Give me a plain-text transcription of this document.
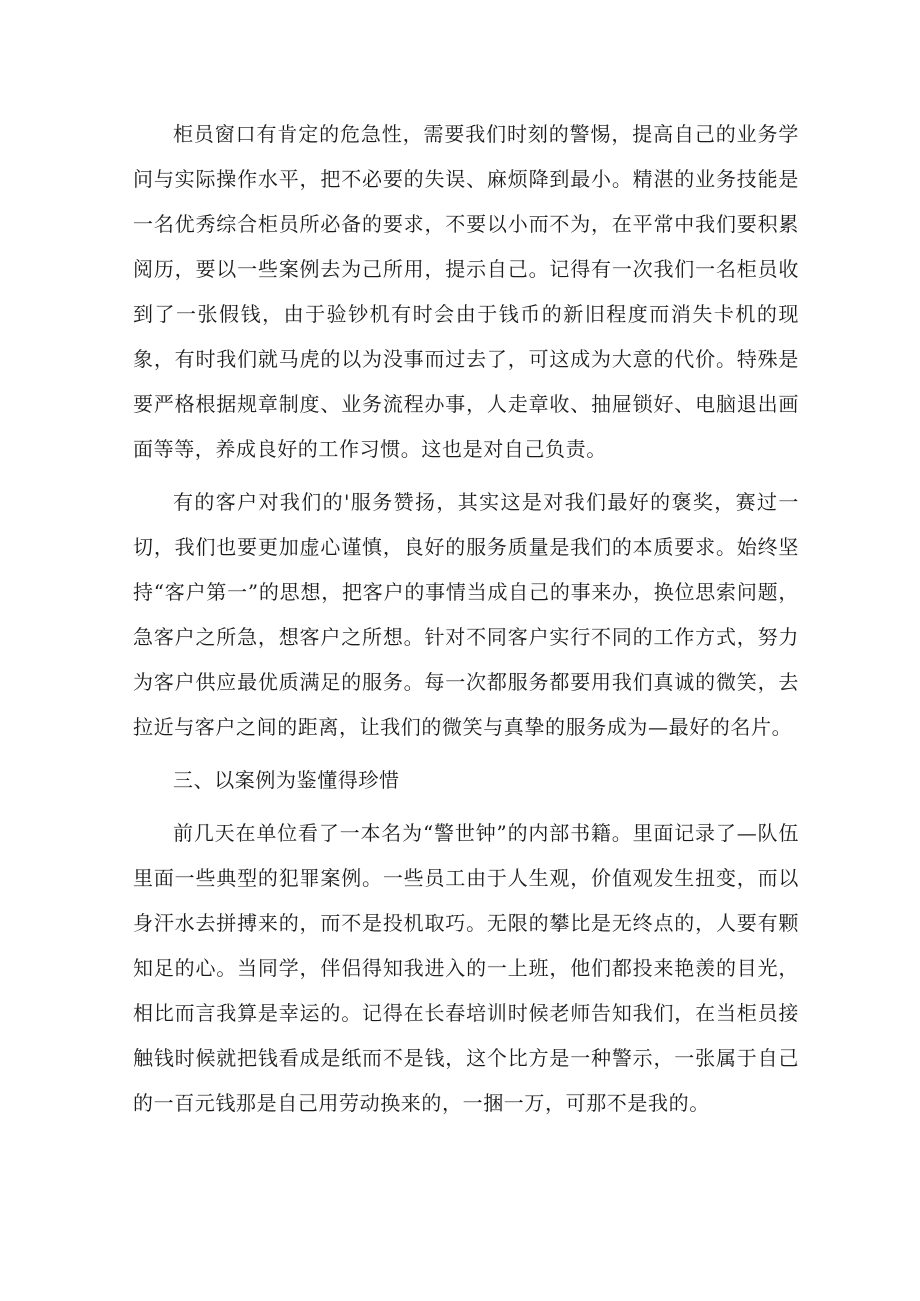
柜员窗口有肯定的危急性，需要我们时刻的警惕，提高自己的业务学问与实际操作水平，把不必要的失误、麻烦降到最小。精湛的业务技能是一名优秀综合柜员所必备的要求，不要以小而不为，在平常中我们要积累阅历，要以一些案例去为己所用，提示自己。记得有一次我们一名柜员收到了一张假钱，由于验钞机有时会由于钱币的新旧程度而消失卡机的现象，有时我们就马虎的以为没事而过去了，可这成为大意的代价。特殊是要严格根据规章制度、业务流程办事，人走章收、抽屉锁好、电脑退出画面等等，养成良好的工作习惯。这也是对自己负责。

有的客户对我们的'服务赞扬，其实这是对我们最好的褒奖，赛过一切，我们也要更加虚心谨慎，良好的服务质量是我们的本质要求。始终坚持“客户第一”的思想，把客户的事情当成自己的事来办，换位思索问题，急客户之所急，想客户之所想。针对不同客户实行不同的工作方式，努力为客户供应最优质满足的服务。每一次都服务都要用我们真诚的微笑，去拉近与客户之间的距离，让我们的微笑与真挚的服务成为—最好的名片。

三、以案例为鉴懂得珍惜

前几天在单位看了一本名为“警世钟”的内部书籍。里面记录了—队伍里面一些典型的犯罪案例。一些员工由于人生观，价值观发生扭变，而以身汗水去拼搏来的，而不是投机取巧。无限的攀比是无终点的，人要有颗知足的心。当同学，伴侣得知我进入的一上班，他们都投来艳羡的目光，相比而言我算是幸运的。记得在长春培训时候老师告知我们，在当柜员接触钱时候就把钱看成是纸而不是钱，这个比方是一种警示，一张属于自己的一百元钱那是自己用劳动换来的，一捆一万，可那不是我的。
